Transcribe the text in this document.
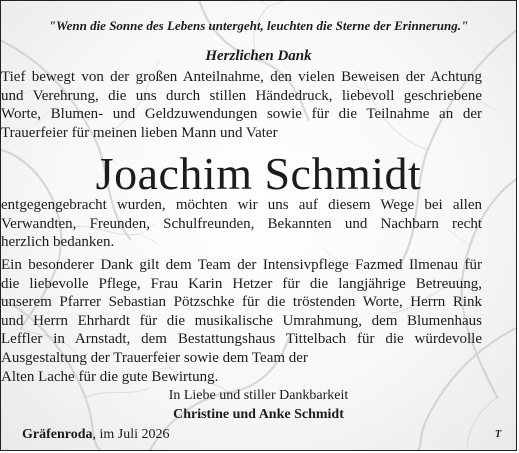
"Wenn die Sonne des Lebens untergeht, leuchten die Sterne der Erinnerung."

Herzlichen Dank

Tief bewegt von der großen Anteilnahme, den vielen Beweisen der Achtung
und Verehrung, die uns durch stillen Händedruck, liebevoll geschriebene
Worte, Blumen- und Geldzuwendungen sowie für die Teilnahme an der
Trauerfeier für meinen lieben Mann und Vater

Joachim Schmidt

entgegengebracht wurden, möchten wir uns auf diesem Wege bei allen
Verwandten, Freunden, Schulfreunden, Bekannten und Nachbarn recht
herzlich bedanken.
Ein besonderer Dank gilt dem Team der Intensivpflege Fazmed Ilmenau für
die liebevolle Pflege, Frau Karin Hetzer für die langjährige Betreuung,
unserem Pfarrer Sebastian Pötzschke für die tröstenden Worte, Herrn Rink
und Herrn Ehrhardt für die musikalische Umrahmung, dem Blumenhaus
Leffler in Arnstadt, dem Bestattungshaus Tittelbach für die würdevolle
Ausgestaltung der Trauerfeier sowie dem Team der
Alten Lache für die gute Bewirtung.

In Liebe und stiller Dankbarkeit

Christine und Anke Schmidt

Gräfenroda, im Juli 2026	T
